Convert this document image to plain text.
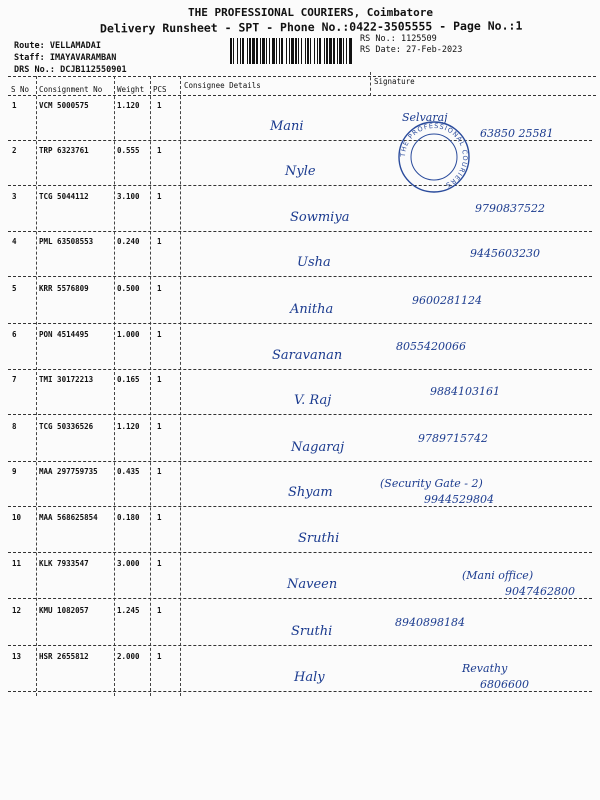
THE PROFESSIONAL COURIERS, Coimbatore
Delivery Runsheet - SPT - Phone No.:0422-3505555 - Page No.:1
Route: VELLAMADAI
Staff: IMAYAVARAMBAN
DRS No.: DCJB112550901
RS No.: 1125509
RS Date: 27-Feb-2023
S No Consignment No Weight PCS Consignee Details	Signature
1	VCM 5000575	1.120 1
Mani
Selvaraj
63850 25581
2	TRP 6323761	0.555 1
Nyle
3	TCG 5044112	3.100 1
Sowmiya
9790837522
4	PML 63508553	0.240 1
Usha
9445603230
5	KRR 5576809	0.500 1
Anitha
9600281124
6	PON 4514495	1.000 1
Saravanan
8055420066
7	TMI 30172213	0.165 1
V. Raj
9884103161
8	TCG 50336526	1.120 1
Nagaraj
9789715742
9	MAA 297759735	0.435 1
Shyam
(Security Gate - 2)
9944529804
10 MAA 568625854	0.180 1
Sruthi
11 KLK 7933547	3.000 1
Naveen
(Mani office)
9047462800
12 KMU 1082057	1.245 1
Sruthi
8940898184
13 HSR 2655812	2.000 1
Haly
Revathy
6806600
THE PROFESSIONAL COURIERS
